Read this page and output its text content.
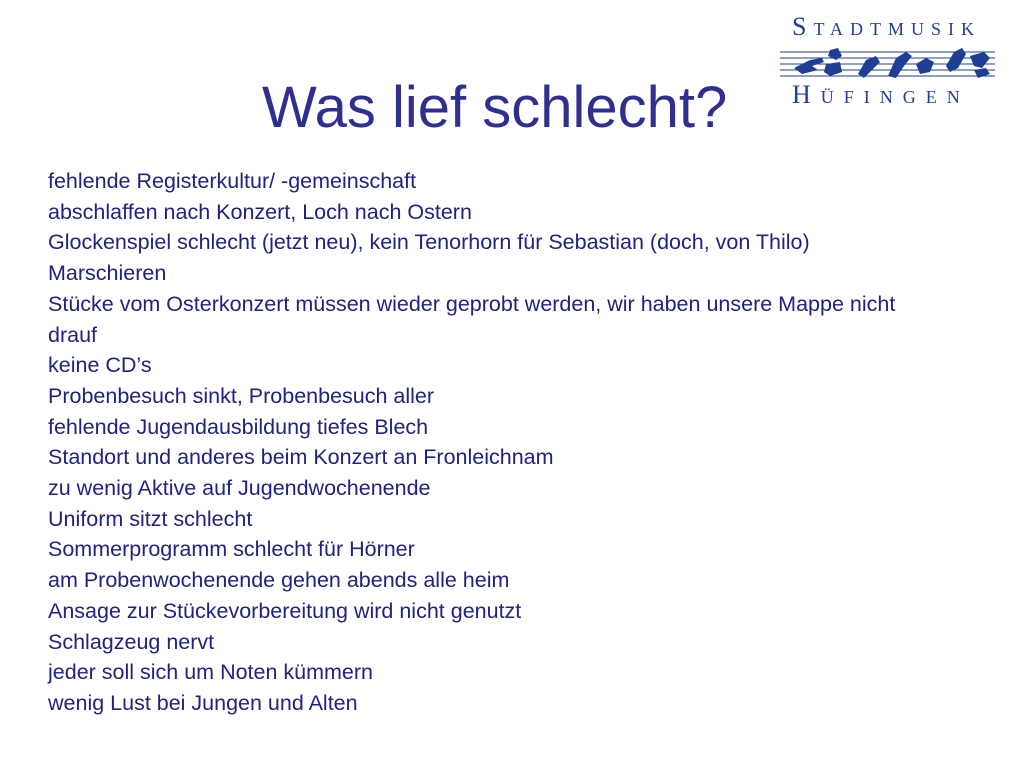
Was lief schlecht?
Stadtmusik
Hüfingen
fehlende Registerkultur/ -gemeinschaft
abschlaffen nach Konzert, Loch nach Ostern
Glockenspiel schlecht (jetzt neu), kein Tenorhorn für Sebastian (doch, von Thilo)
Marschieren
Stücke vom Osterkonzert müssen wieder geprobt werden, wir haben unsere Mappe nicht drauf
keine CD’s
Probenbesuch sinkt, Probenbesuch aller
fehlende Jugendausbildung tiefes Blech
Standort und anderes beim Konzert an Fronleichnam
zu wenig Aktive auf Jugendwochenende
Uniform sitzt schlecht
Sommerprogramm schlecht für Hörner
am Probenwochenende gehen abends alle heim
Ansage zur Stückevorbereitung wird nicht genutzt
Schlagzeug nervt
jeder soll sich um Noten kümmern
wenig Lust bei Jungen und Alten
